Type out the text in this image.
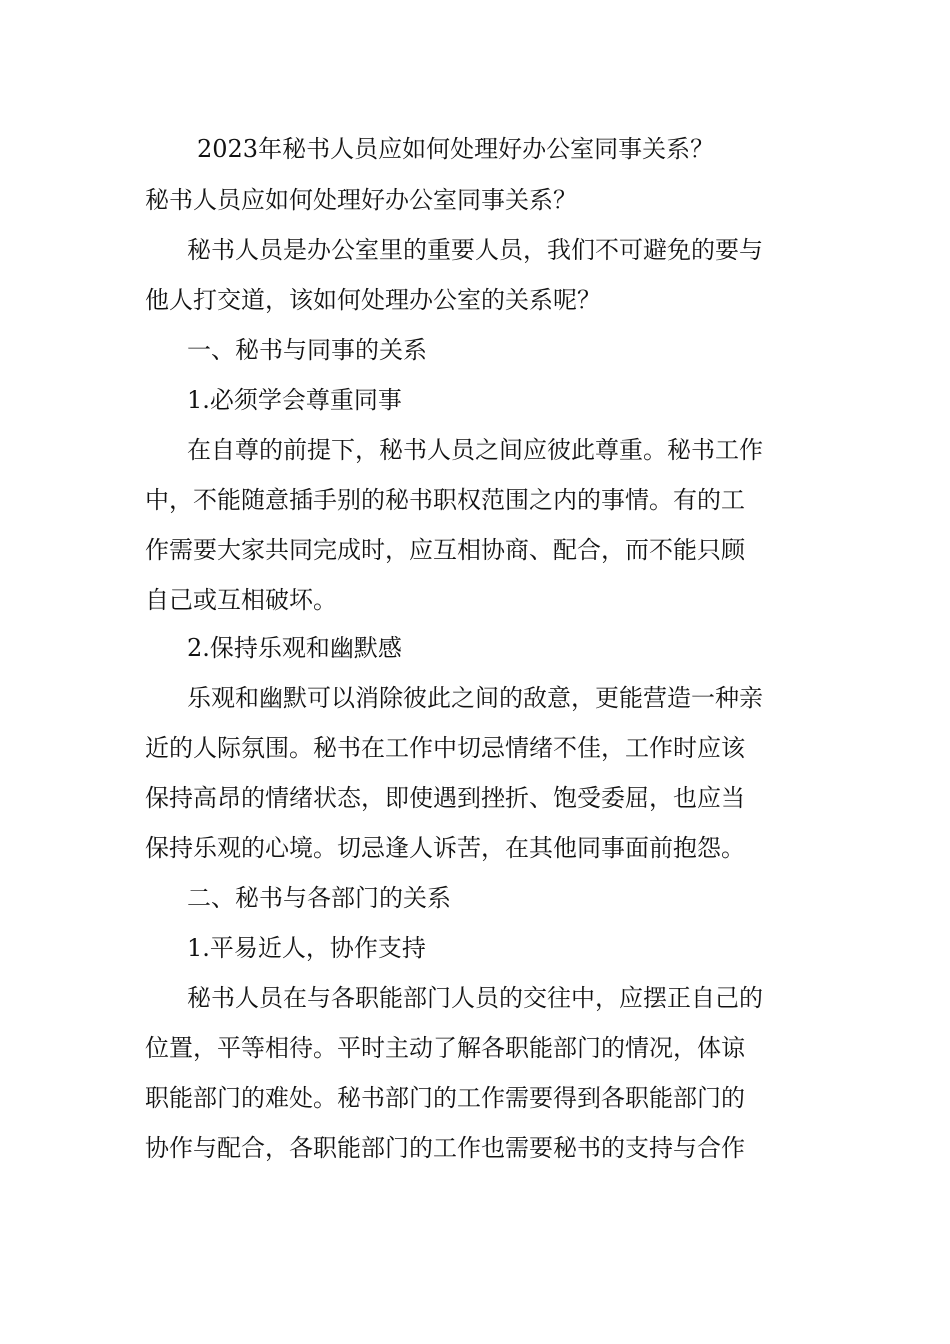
2023年秘书人员应如何处理好办公室同事关系？
秘书人员应如何处理好办公室同事关系？
秘书人员是办公室里的重要人员，我们不可避免的要与
他人打交道，该如何处理办公室的关系呢？
一、秘书与同事的关系
1.必须学会尊重同事
在自尊的前提下，秘书人员之间应彼此尊重。秘书工作
中，不能随意插手别的秘书职权范围之内的事情。有的工
作需要大家共同完成时，应互相协商、配合，而不能只顾
自己或互相破坏。
2.保持乐观和幽默感
乐观和幽默可以消除彼此之间的敌意，更能营造一种亲
近的人际氛围。秘书在工作中切忌情绪不佳，工作时应该
保持高昂的情绪状态，即使遇到挫折、饱受委屈，也应当
保持乐观的心境。切忌逢人诉苦，在其他同事面前抱怨。
二、秘书与各部门的关系
1.平易近人，协作支持
秘书人员在与各职能部门人员的交往中，应摆正自己的
位置，平等相待。平时主动了解各职能部门的情况，体谅
职能部门的难处。秘书部门的工作需要得到各职能部门的
协作与配合，各职能部门的工作也需要秘书的支持与合作
